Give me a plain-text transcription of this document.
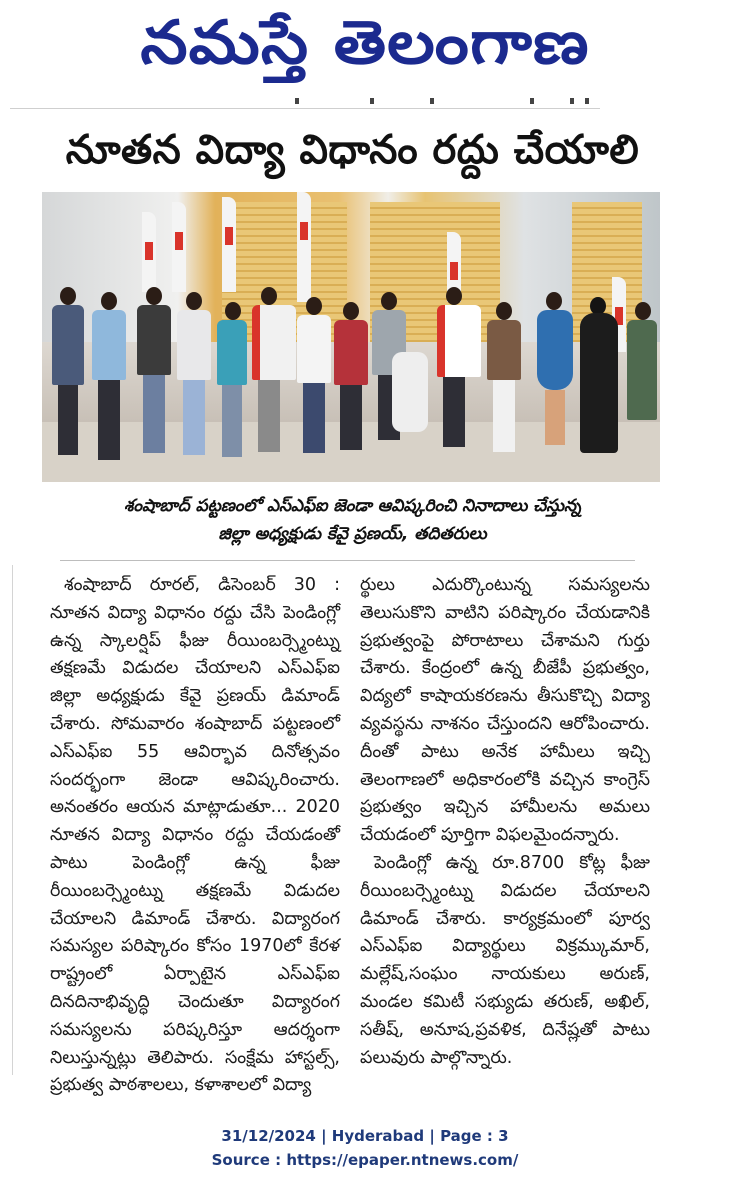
నమస్తే తెలంగాణ
నూతన విద్యా విధానం రద్దు చేయాలి
శంషాబాద్ పట్టణంలో ఎస్ఎఫ్ఐ జెండా ఆవిష్కరించి నినాదాలు చేస్తున్న
జిల్లా అధ్యక్షుడు కేవై ప్రణయ్, తదితరులు

శంషాబాద్ రూరల్, డిసెంబర్ 30 : నూతన విద్యా విధానం రద్దు చేసి పెండింగ్లో ఉన్న స్కాలర్షిప్ ఫీజు రీయింబర్స్మెంట్ను తక్షణమే విడుదల చేయాలని ఎస్ఎఫ్ఐ జిల్లా అధ్యక్షుడు కేవై ప్రణయ్ డిమాండ్ చేశారు. సోమవారం శంషాబాద్ పట్టణంలో ఎస్ఎఫ్ఐ 55 ఆవిర్భావ దినోత్సవం సందర్భంగా జెండా ఆవిష్కరించారు. అనంతరం ఆయన మాట్లాడుతూ... 2020 నూతన విద్యా విధానం రద్దు చేయడంతో పాటు పెండింగ్లో ఉన్న ఫీజు రీయింబర్స్మెంట్ను తక్షణమే విడుదల చేయాలని డిమాండ్ చేశారు. విద్యారంగ సమస్యల పరిష్కారం కోసం 1970లో కేరళ రాష్ట్రంలో ఏర్పాటైన ఎస్ఎఫ్ఐ దినదినాభివృద్ధి చెందుతూ విద్యారంగ సమస్యలను పరిష్కరిస్తూ ఆదర్శంగా నిలుస్తున్నట్లు తెలిపారు. సంక్షేమ హాస్టల్స్, ప్రభుత్వ పాఠశాలలు, కళాశాలలో విద్యా

ర్థులు ఎదుర్కొంటున్న సమస్యలను తెలుసుకొని వాటిని పరిష్కారం చేయడానికి ప్రభుత్వంపై పోరాటాలు చేశామని గుర్తు చేశారు. కేంద్రంలో ఉన్న బీజేపీ ప్రభుత్వం, విద్యలో కాషాయకరణను తీసుకొచ్చి విద్యా వ్యవస్థను నాశనం చేస్తుందని ఆరోపించారు. దీంతో పాటు అనేక హామీలు ఇచ్చి తెలంగాణలో అధికారంలోకి వచ్చిన కాంగ్రెస్ ప్రభుత్వం ఇచ్చిన హామీలను అమలు చేయడంలో పూర్తిగా విఫలమైందన్నారు.

పెండింగ్లో ఉన్న రూ.8700 కోట్ల ఫీజు రీయింబర్స్మెంట్ను విడుదల చేయాలని డిమాండ్ చేశారు. కార్యక్రమంలో పూర్వ ఎస్ఎఫ్ఐ విద్యార్థులు విక్రమ్కుమార్, మల్లేష్,సంఘం నాయకులు అరుణ్, మండల కమిటీ సభ్యుడు తరుణ్, అఖిల్, సతీష్, అనూష,ప్రవళిక, దినేష్లతో పాటు పలువురు పాల్గొన్నారు.

31/12/2024 | Hyderabad | Page : 3
Source : https://epaper.ntnews.com/
